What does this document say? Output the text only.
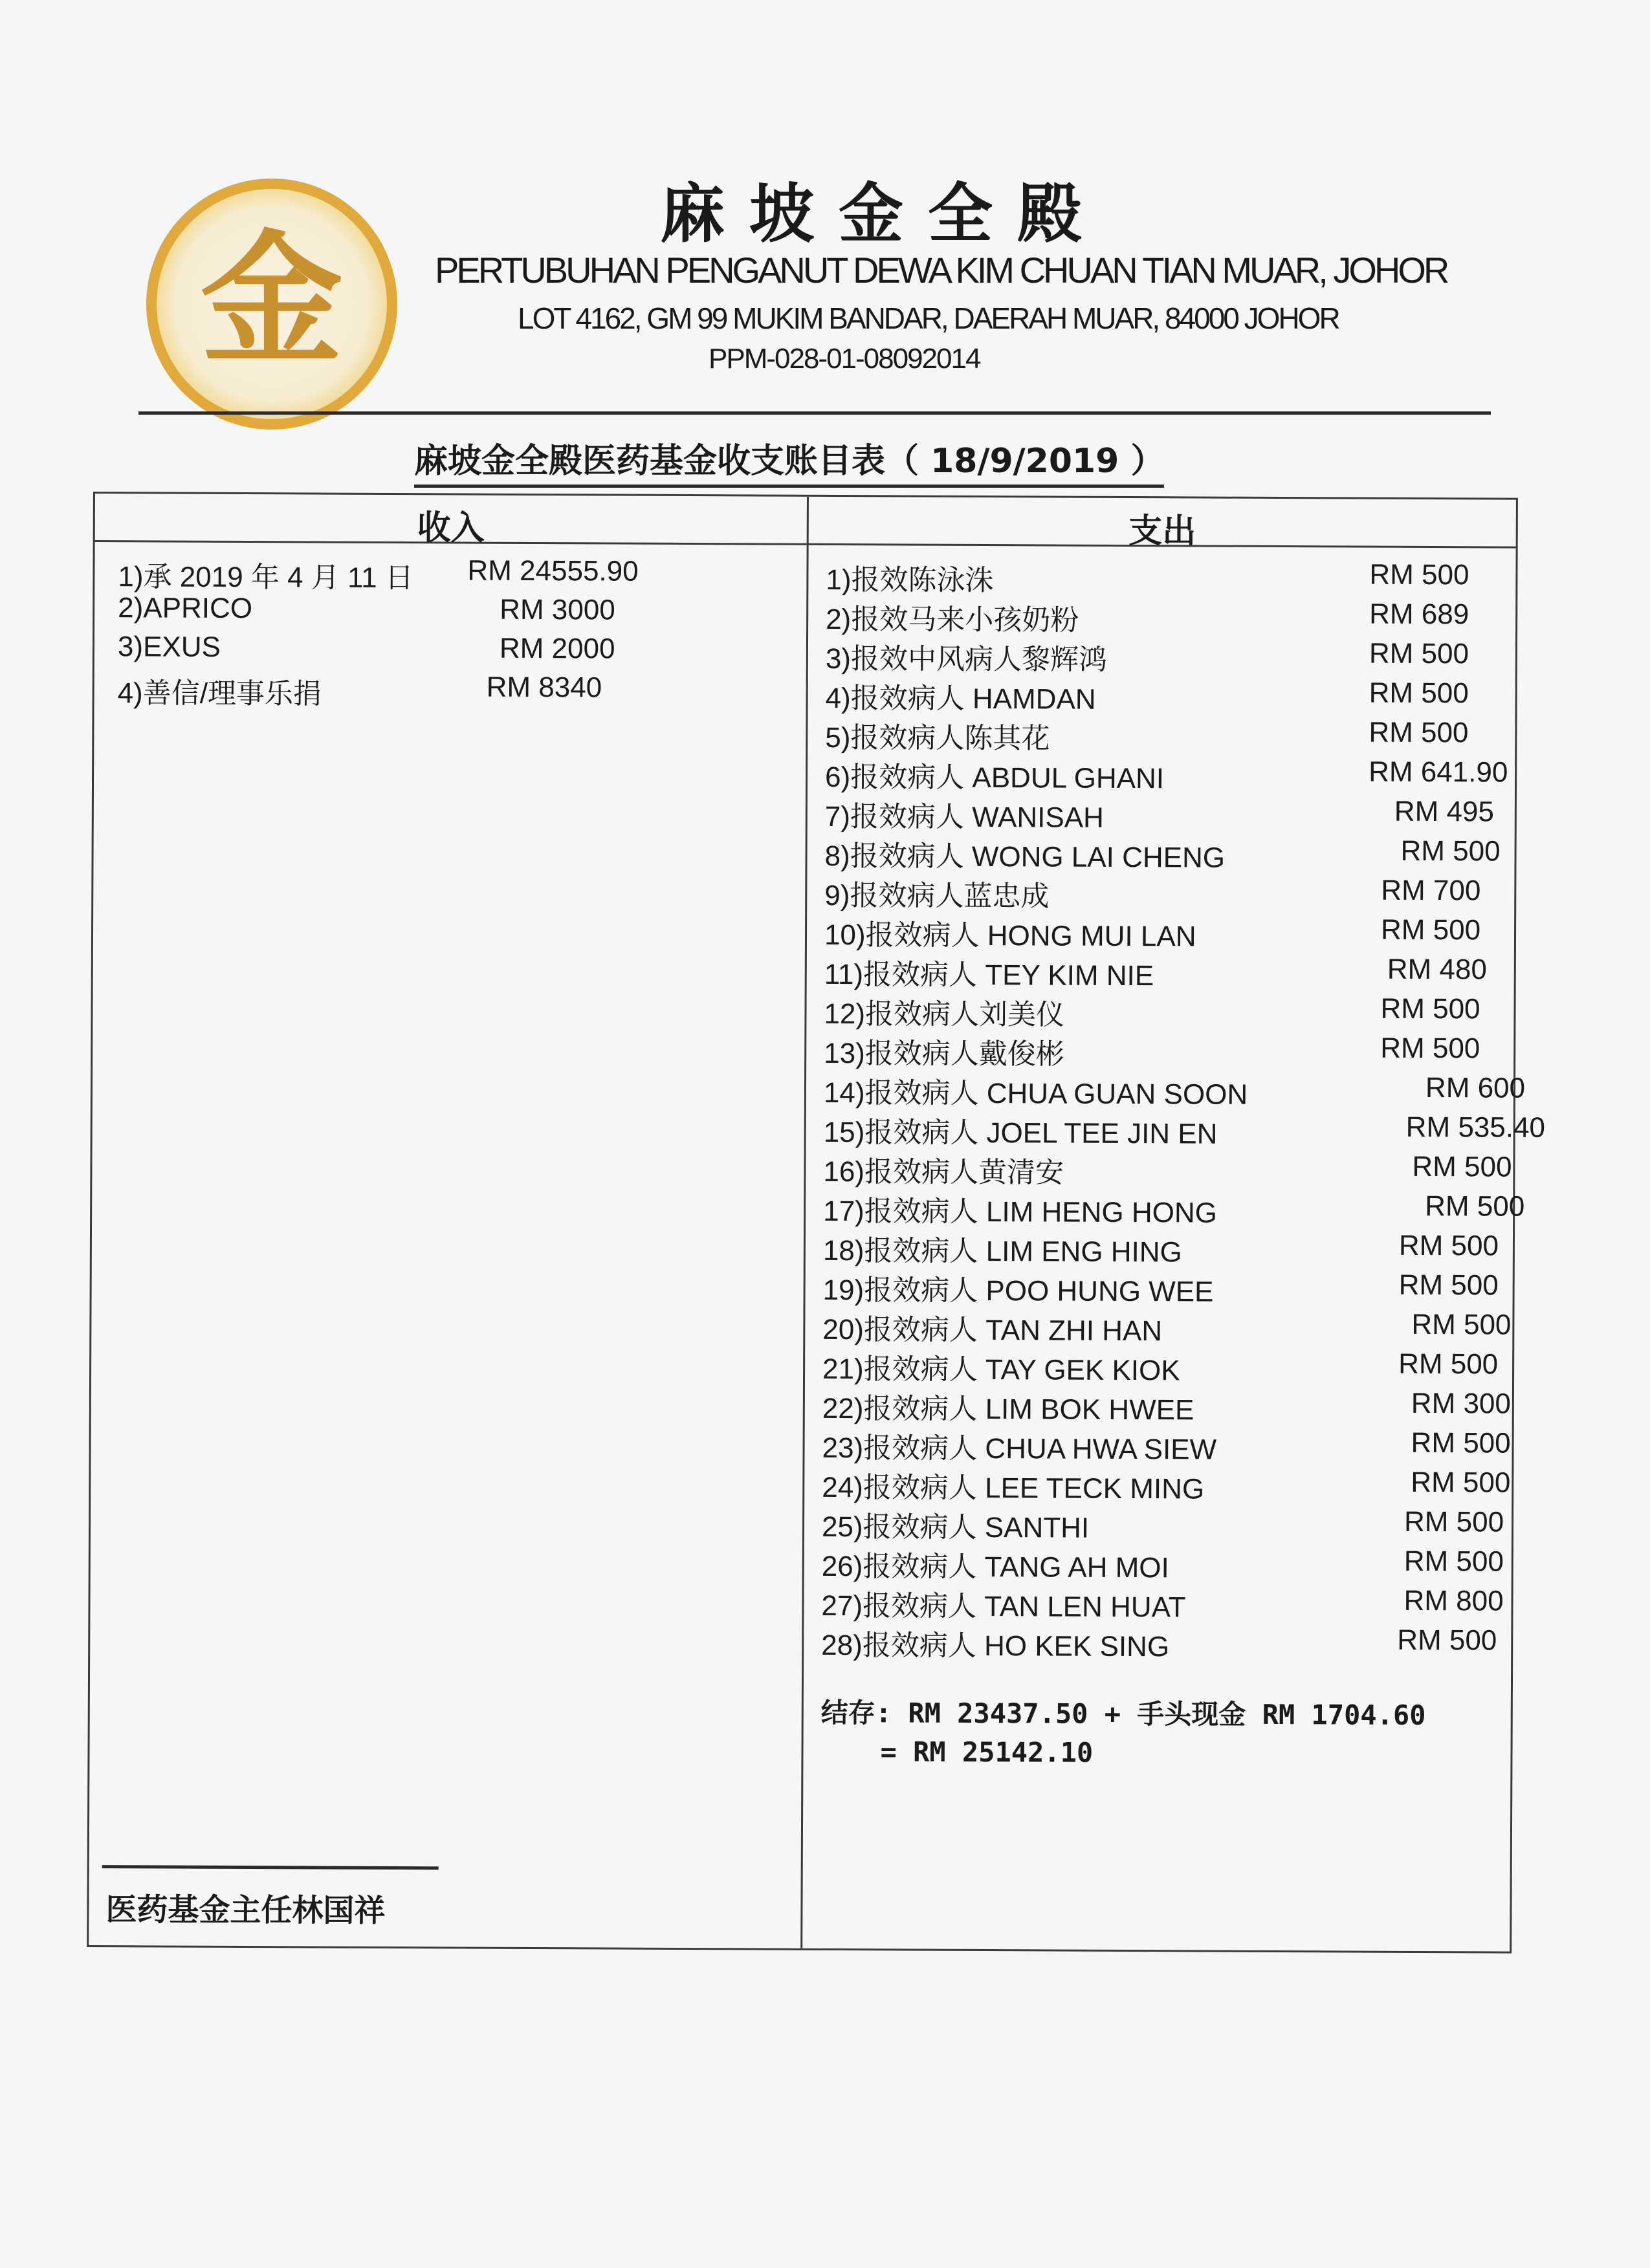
金
麻坡金全殿
PERTUBUHAN PENGANUT DEWA KIM CHUAN TIAN MUAR, JOHOR
LOT 4162, GM 99 MUKIM BANDAR, DAERAH MUAR, 84000 JOHOR
PPM-028-01-08092014
麻坡金全殿医药基金收支账目表（ 18/9/2019 ）
收入	支出
1)承 2019 年 4 月 11 日 RM 24555.90
2)APRICO	RM 3000
3)EXUS	RM 2000
4)善信/理事乐捐	RM 8340
1)报效陈泳洙	RM 500
2)报效马来小孩奶粉	RM 689
3)报效中风病人黎辉鸿	RM 500
4)报效病人 HAMDAN	RM 500
5)报效病人陈其花	RM 500
6)报效病人 ABDUL GHANI	RM 641.90
7)报效病人 WANISAH	RM 495
8)报效病人 WONG LAI CHENG	RM 500
9)报效病人蓝忠成	RM 700
10)报效病人 HONG MUI LAN	RM 500
11)报效病人 TEY KIM NIE	RM 480
12)报效病人刘美仪	RM 500
13)报效病人戴俊彬	RM 500
14)报效病人 CHUA GUAN SOON	RM 600
15)报效病人 JOEL TEE JIN EN	RM 535.40
16)报效病人黄清安	RM 500
17)报效病人 LIM HENG HONG	RM 500
18)报效病人 LIM ENG HING	RM 500
19)报效病人 POO HUNG WEE	RM 500
20)报效病人 TAN ZHI HAN	RM 500
21)报效病人 TAY GEK KIOK	RM 500
22)报效病人 LIM BOK HWEE	RM 300
23)报效病人 CHUA HWA SIEW	RM 500
24)报效病人 LEE TECK MING	RM 500
25)报效病人 SANTHI	RM 500
26)报效病人 TANG AH MOI	RM 500
27)报效病人 TAN LEN HUAT	RM 800
28)报效病人 HO KEK SING	RM 500
结存: RM 23437.50 + 手头现金 RM 1704.60
= RM 25142.10
医药基金主任林国祥
